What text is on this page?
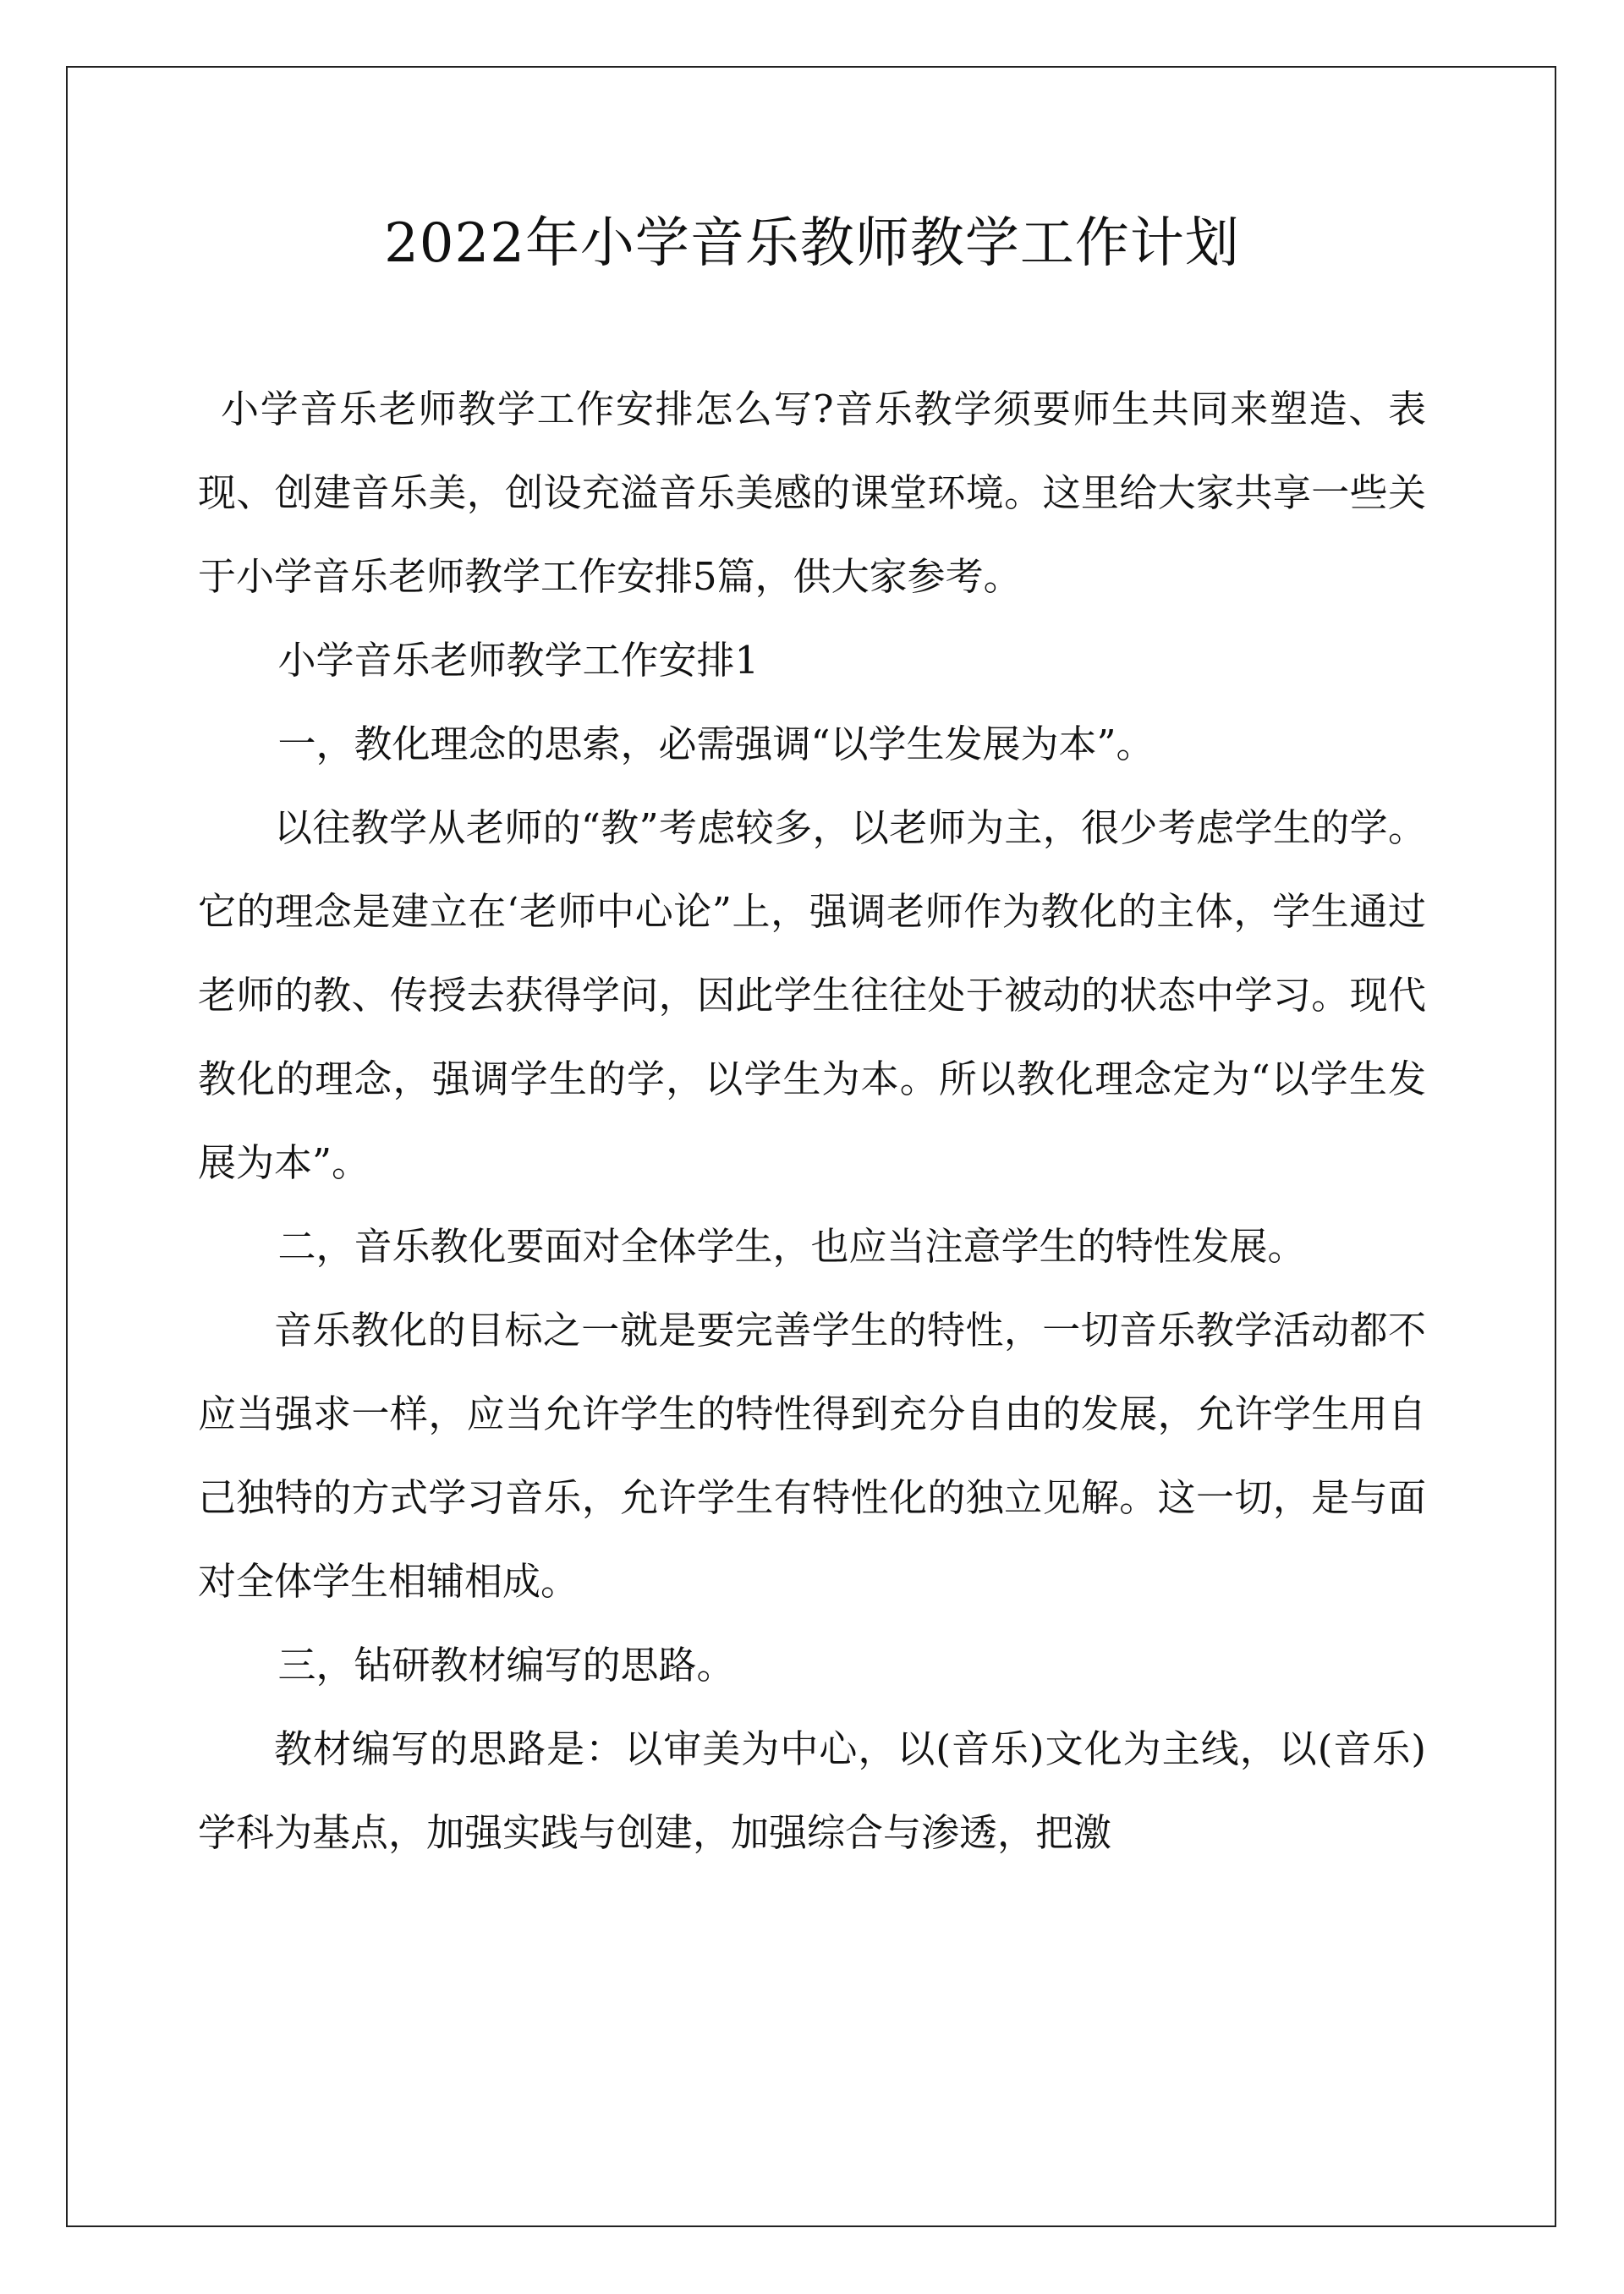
2022年小学音乐教师教学工作计划

小学音乐老师教学工作安排怎么写?音乐教学须要师生共同来塑造、表现、创建音乐美，创设充溢音乐美感的课堂环境。这里给大家共享一些关于小学音乐老师教学工作安排5篇，供大家参考。

小学音乐老师教学工作安排1

一，教化理念的思索，必需强调“以学生发展为本”。

以往教学从老师的“教”考虑较多，以老师为主，很少考虑学生的学。它的理念是建立在‘老师中心论”上，强调老师作为教化的主体，学生通过老师的教、传授去获得学问，因此学生往往处于被动的状态中学习。现代教化的理念，强调学生的学，以学生为本。所以教化理念定为“以学生发展为本”。

二，音乐教化要面对全体学生，也应当注意学生的特性发展。

音乐教化的目标之一就是要完善学生的特性，一切音乐教学活动都不应当强求一样，应当允许学生的特性得到充分自由的发展，允许学生用自己独特的方式学习音乐，允许学生有特性化的独立见解。这一切，是与面对全体学生相辅相成。

三，钻研教材编写的思路。

教材编写的思路是：以审美为中心，以(音乐)文化为主线，以(音乐)学科为基点，加强实践与创建，加强综合与渗透，把激
